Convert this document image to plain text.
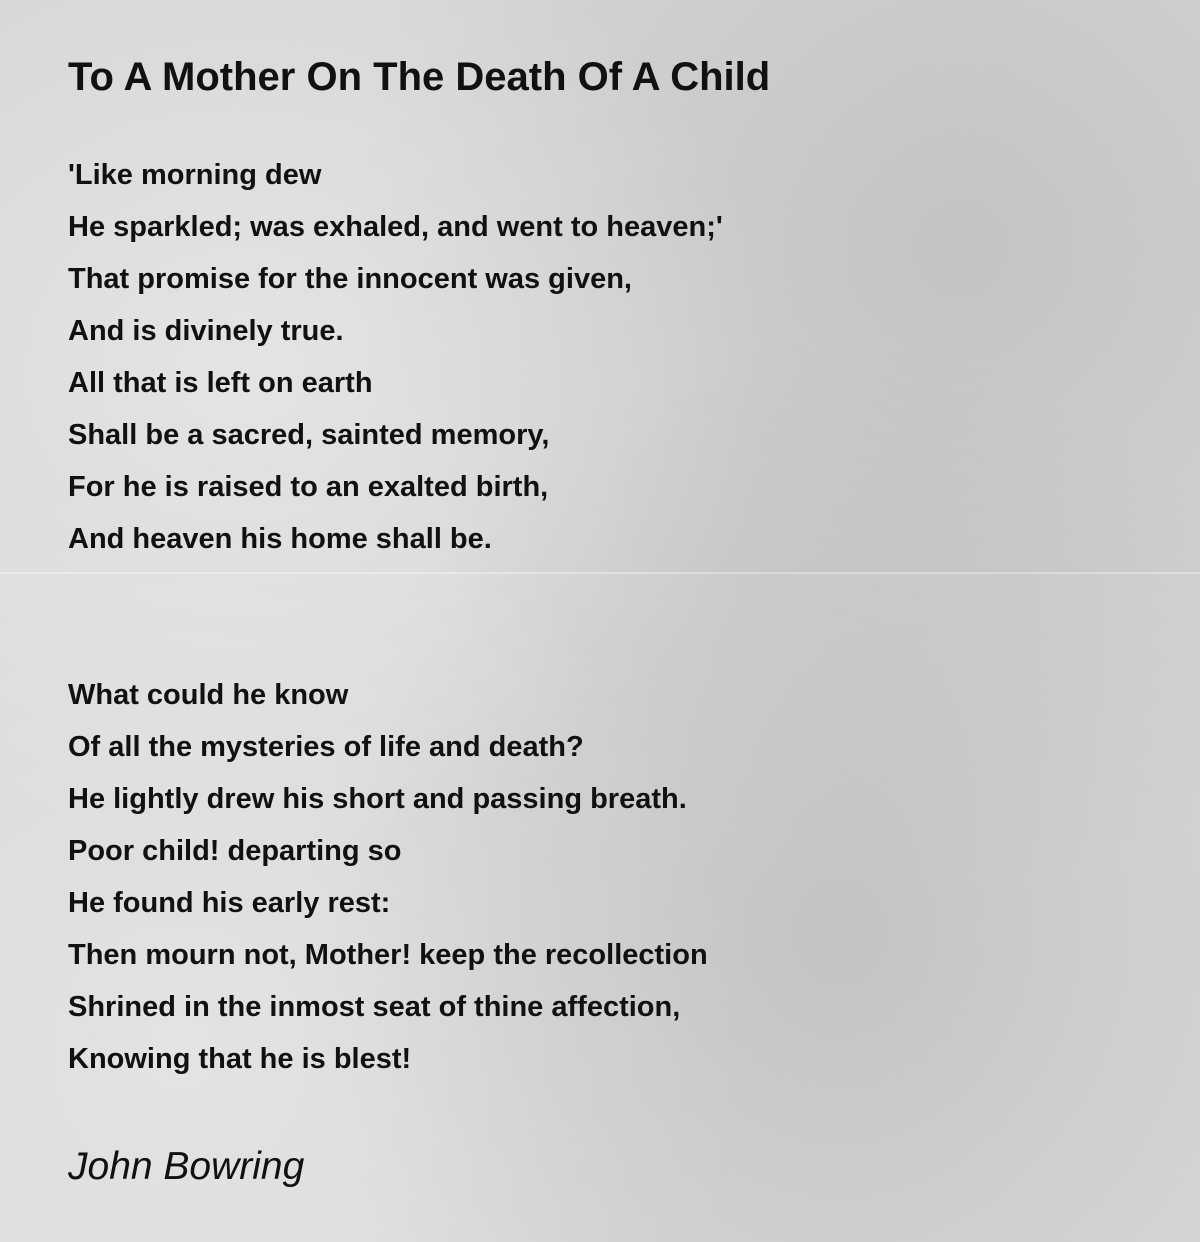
To A Mother On The Death Of A Child
'Like morning dew
He sparkled; was exhaled, and went to heaven;'
That promise for the innocent was given,
And is divinely true.
All that is left on earth
Shall be a sacred, sainted memory,
For he is raised to an exalted birth,
And heaven his home shall be.
What could he know
Of all the mysteries of life and death?
He lightly drew his short and passing breath.
Poor child! departing so
He found his early rest:
Then mourn not, Mother! keep the recollection
Shrined in the inmost seat of thine affection,
Knowing that he is blest!
John Bowring
